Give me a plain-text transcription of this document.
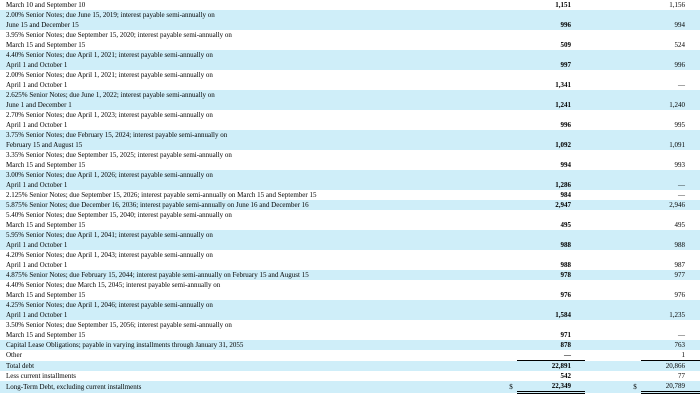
March 10 and September 10		1,151			1,156

2.00% Senior Notes; due June 15, 2019; interest payable semi-annually on
June 15 and December 15		996			994

3.95% Senior Notes; due September 15, 2020; interest payable semi-annually on
March 15 and September 15		509			524

4.40% Senior Notes; due April 1, 2021; interest payable semi-annually on
April 1 and October 1		997			996

2.00% Senior Notes; due April 1, 2021; interest payable semi-annually on
April 1 and October 1		1,341			—

2.625% Senior Notes; due June 1, 2022; interest payable semi-annually on
June 1 and December 1		1,241			1,240

2.70% Senior Notes; due April 1, 2023; interest payable semi-annually on
April 1 and October 1		996			995

3.75% Senior Notes; due February 15, 2024; interest payable semi-annually on
February 15 and August 15		1,092			1,091

3.35% Senior Notes; due September 15, 2025; interest payable semi-annually on
March 15 and September 15		994			993

3.00% Senior Notes; due April 1, 2026; interest payable semi-annually on
April 1 and October 1		1,286			—

2.125% Senior Notes; due September 15, 2026; interest payable semi-annually on March 15 and September 15		984			—

5.875% Senior Notes; due December 16, 2036; interest payable semi-annually on June 16 and December 16		2,947			2,946

5.40% Senior Notes; due September 15, 2040; interest payable semi-annually on
March 15 and September 15		495			495

5.95% Senior Notes; due April 1, 2041; interest payable semi-annually on
April 1 and October 1		988			988

4.20% Senior Notes; due April 1, 2043; interest payable semi-annually on
April 1 and October 1		988			987

4.875% Senior Notes; due February 15, 2044; interest payable semi-annually on February 15 and August 15		978			977

4.40% Senior Notes; due March 15, 2045; interest payable semi-annually on
March 15 and September 15		976			976

4.25% Senior Notes; due April 1, 2046; interest payable semi-annually on
April 1 and October 1		1,584			1,235

3.50% Senior Notes; due September 15, 2056; interest payable semi-annually on
March 15 and September 15		971			—

Capital Lease Obligations; payable in varying installments through January 31, 2055		878			763

Other		—			1

Total debt		22,891			20,866

Less current installments		542			77

Long-Term Debt, excluding current installments	$	22,349		$	20,789
